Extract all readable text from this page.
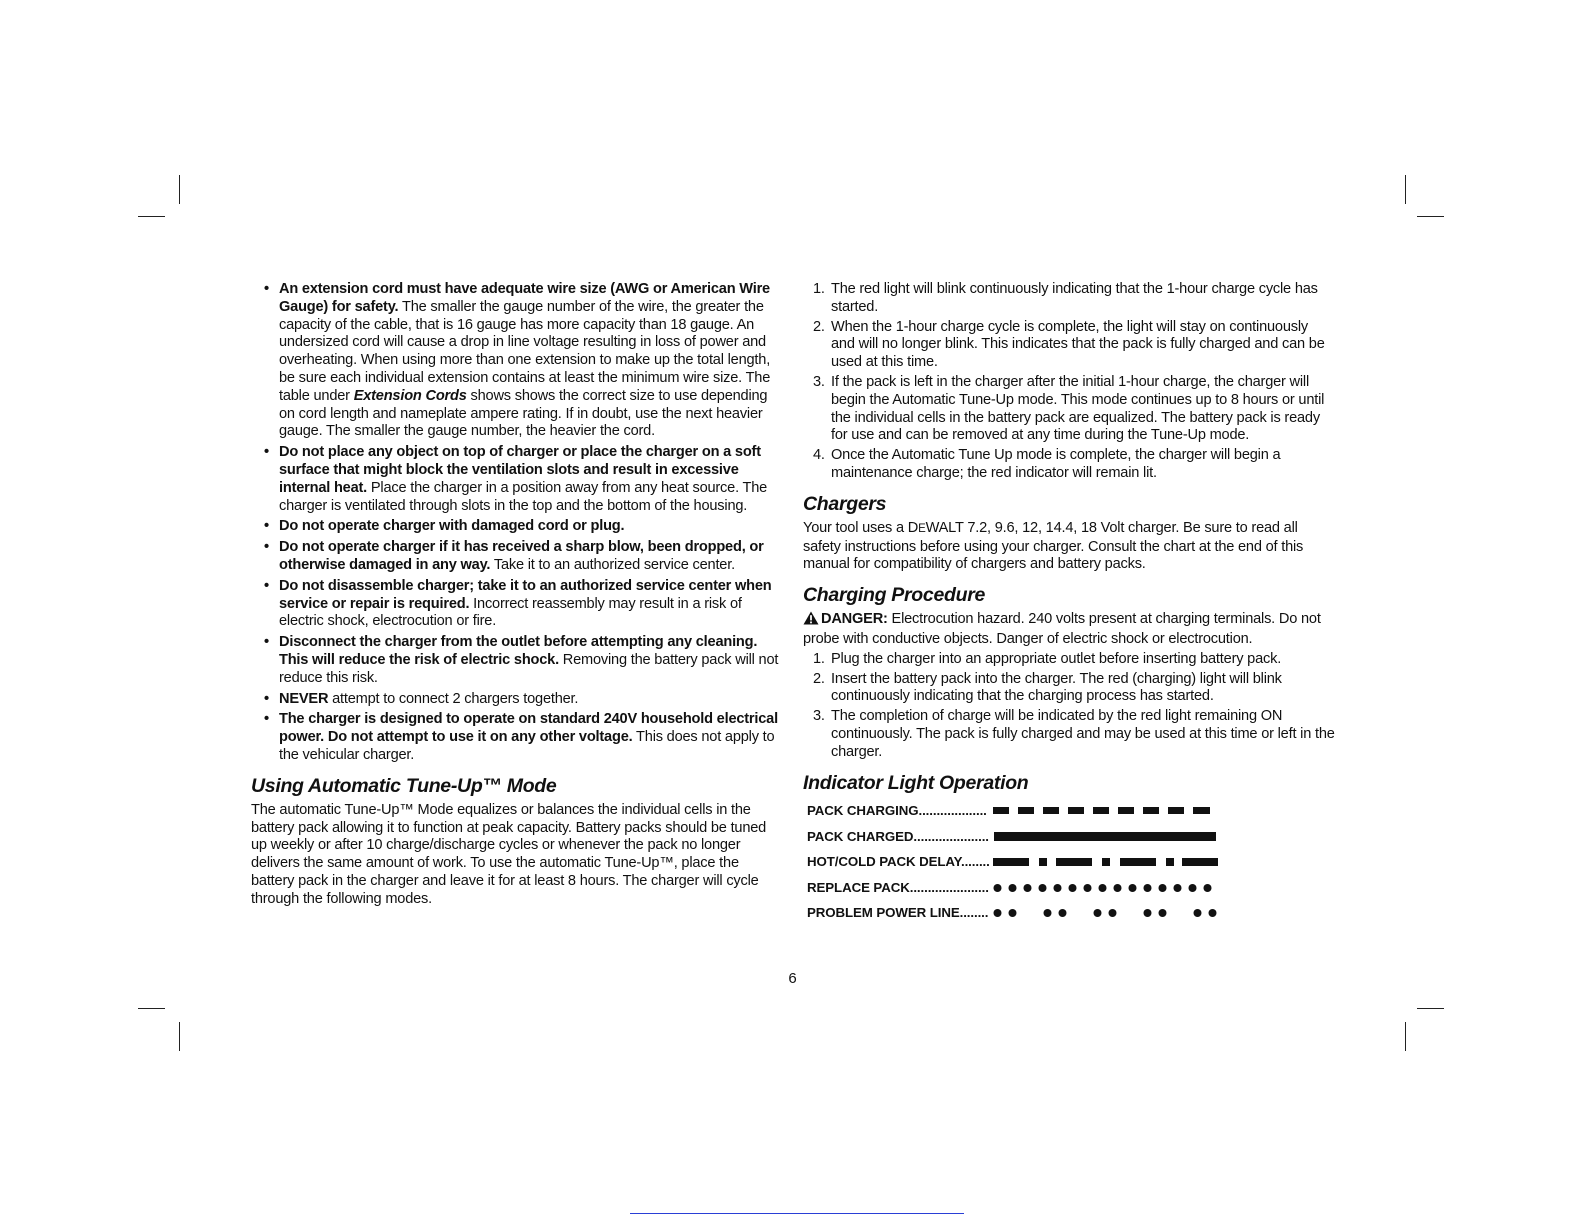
• An extension cord must have adequate wire size (AWG or American Wire Gauge) for safety. The smaller the gauge number of the wire, the greater the capacity of the cable, that is 16 gauge has more capacity than 18 gauge. An undersized cord will cause a drop in line voltage resulting in loss of power and overheating. When using more than one extension to make up the total length, be sure each individual extension contains at least the minimum wire size. The table under Extension Cords shows shows the correct size to use depending on cord length and nameplate ampere rating. If in doubt, use the next heavier gauge. The smaller the gauge number, the heavier the cord.
• Do not place any object on top of charger or place the charger on a soft surface that might block the ventilation slots and result in excessive internal heat. Place the charger in a position away from any heat source. The charger is ventilated through slots in the top and the bottom of the housing.
• Do not operate charger with damaged cord or plug.
• Do not operate charger if it has received a sharp blow, been dropped, or otherwise damaged in any way. Take it to an authorized service center.
• Do not disassemble charger; take it to an authorized service center when service or repair is required. Incorrect reassembly may result in a risk of electric shock, electrocution or fire.
• Disconnect the charger from the outlet before attempting any cleaning. This will reduce the risk of electric shock. Removing the battery pack will not reduce this risk.
• NEVER attempt to connect 2 chargers together.
• The charger is designed to operate on standard 240V household electrical power. Do not attempt to use it on any other voltage. This does not apply to the vehicular charger.
Using Automatic Tune-Up™ Mode
The automatic Tune-Up™ Mode equalizes or balances the individual cells in the battery pack allowing it to function at peak capacity. Battery packs should be tuned up weekly or after 10 charge/discharge cycles or whenever the pack no longer delivers the same amount of work. To use the automatic Tune-Up™, place the battery pack in the charger and leave it for at least 8 hours. The charger will cycle through the following modes.
1. The red light will blink continuously indicating that the 1-hour charge cycle has started.
2. When the 1-hour charge cycle is complete, the light will stay on continuously and will no longer blink. This indicates that the pack is fully charged and can be used at this time.
3. If the pack is left in the charger after the initial 1-hour charge, the charger will begin the Automatic Tune-Up mode. This mode continues up to 8 hours or until the individual cells in the battery pack are equalized. The battery pack is ready for use and can be removed at any time during the Tune-Up mode.
4. Once the Automatic Tune Up mode is complete, the charger will begin a maintenance charge; the red indicator will remain lit.
Chargers
Your tool uses a DEWALT 7.2, 9.6, 12, 14.4, 18 Volt charger. Be sure to read all safety instructions before using your charger. Consult the chart at the end of this manual for compatibility of chargers and battery packs.
Charging Procedure
DANGER: Electrocution hazard. 240 volts present at charging terminals. Do not probe with conductive objects. Danger of electric shock or electrocution.
1. Plug the charger into an appropriate outlet before inserting battery pack.
2. Insert the battery pack into the charger. The red (charging) light will blink continuously indicating that the charging process has started.
3. The completion of charge will be indicated by the red light remaining ON continuously. The pack is fully charged and may be used at this time or left in the charger.
Indicator Light Operation
PACK CHARGING...................
PACK CHARGED.....................
HOT/COLD PACK DELAY........
REPLACE PACK......................
PROBLEM POWER LINE........
6
